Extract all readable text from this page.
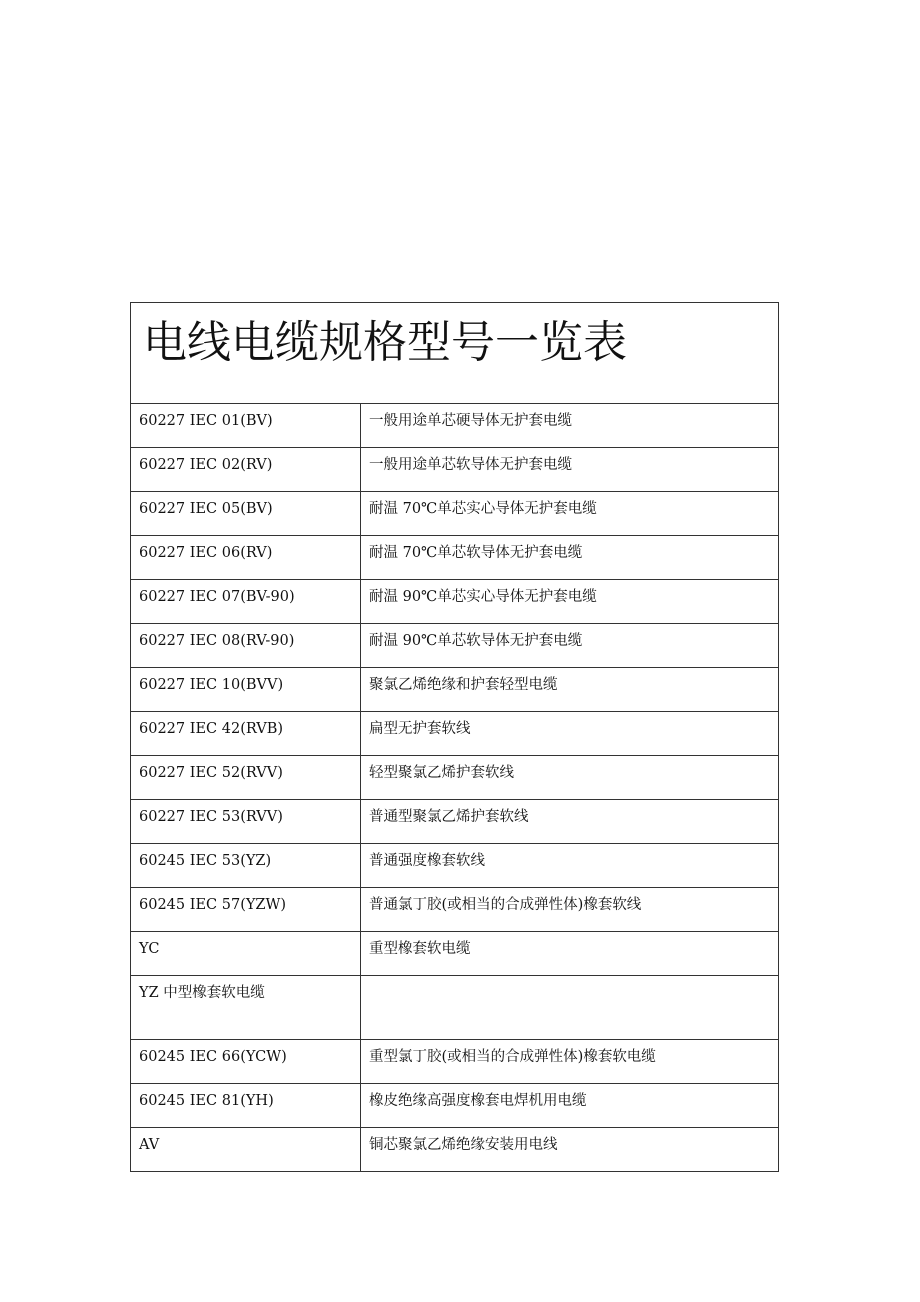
电线电缆规格型号一览表	
60227 IEC 01(BV)	一般用途单芯硬导体无护套电缆
60227 IEC 02(RV)	一般用途单芯软导体无护套电缆
60227 IEC 05(BV)	耐温 70℃单芯实心导体无护套电缆
60227 IEC 06(RV)	耐温 70℃单芯软导体无护套电缆
60227 IEC 07(BV-90)	耐温 90℃单芯实心导体无护套电缆
60227 IEC 08(RV-90)	耐温 90℃单芯软导体无护套电缆
60227 IEC 10(BVV)	聚氯乙烯绝缘和护套轻型电缆
60227 IEC 42(RVB)	扁型无护套软线
60227 IEC 52(RVV)	轻型聚氯乙烯护套软线
60227 IEC 53(RVV)	普通型聚氯乙烯护套软线
60245 IEC 53(YZ)	普通强度橡套软线
60245 IEC 57(YZW)	普通氯丁胶(或相当的合成弹性体)橡套软线
YC	重型橡套软电缆
YZ 中型橡套软电缆	
60245 IEC 66(YCW)	重型氯丁胶(或相当的合成弹性体)橡套软电缆
60245 IEC 81(YH)	橡皮绝缘高强度橡套电焊机用电缆
AV	铜芯聚氯乙烯绝缘安装用电线
